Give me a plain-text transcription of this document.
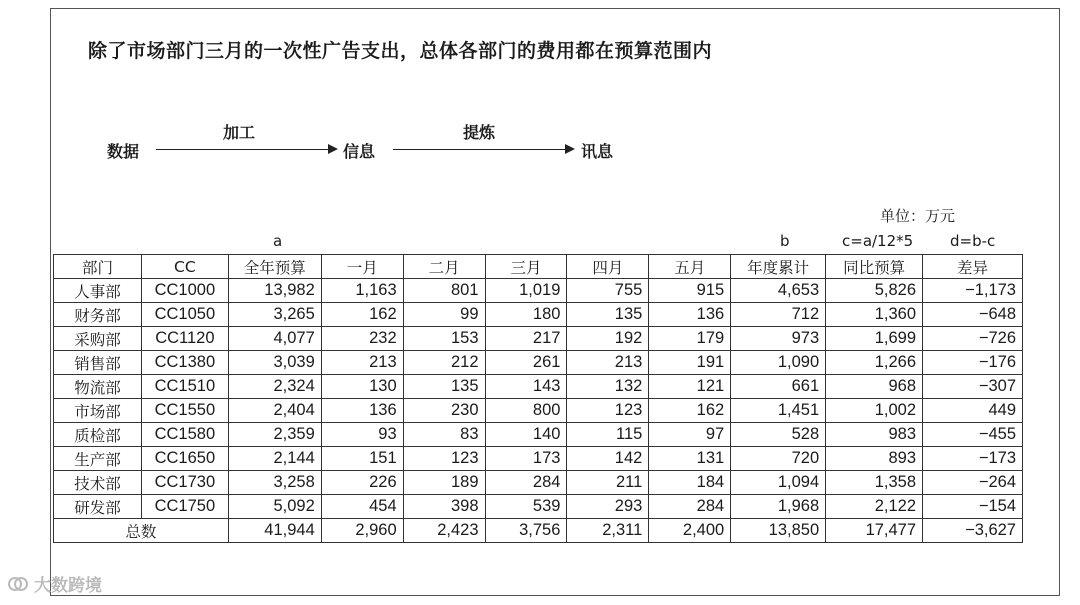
除了市场部门三月的一次性广告支出，总体各部门的费用都在预算范围内
数据
加工
信息
提炼
讯息
单位：万元
a	b	c=a/12*5 d=b-c
部门	CC	全年预算	一月	二月	三月	四月	五月	年度累计	同比预算	差异
人事部	CC1000	13,982	1,163	801	1,019	755	915	4,653	5,826	−1,173
财务部	CC1050	3,265	162	99	180	135	136	712	1,360	−648
采购部	CC1120	4,077	232	153	217	192	179	973	1,699	−726
销售部	CC1380	3,039	213	212	261	213	191	1,090	1,266	−176
物流部	CC1510	2,324	130	135	143	132	121	661	968	−307
市场部	CC1550	2,404	136	230	800	123	162	1,451	1,002	449
质检部	CC1580	2,359	93	83	140	115	97	528	983	−455
生产部	CC1650	2,144	151	123	173	142	131	720	893	−173
技术部	CC1730	3,258	226	189	284	211	184	1,094	1,358	−264
研发部	CC1750	5,092	454	398	539	293	284	1,968	2,122	−154
总数		41,944	2,960	2,423	3,756	2,311	2,400	13,850	17,477	−3,627
大数跨境
